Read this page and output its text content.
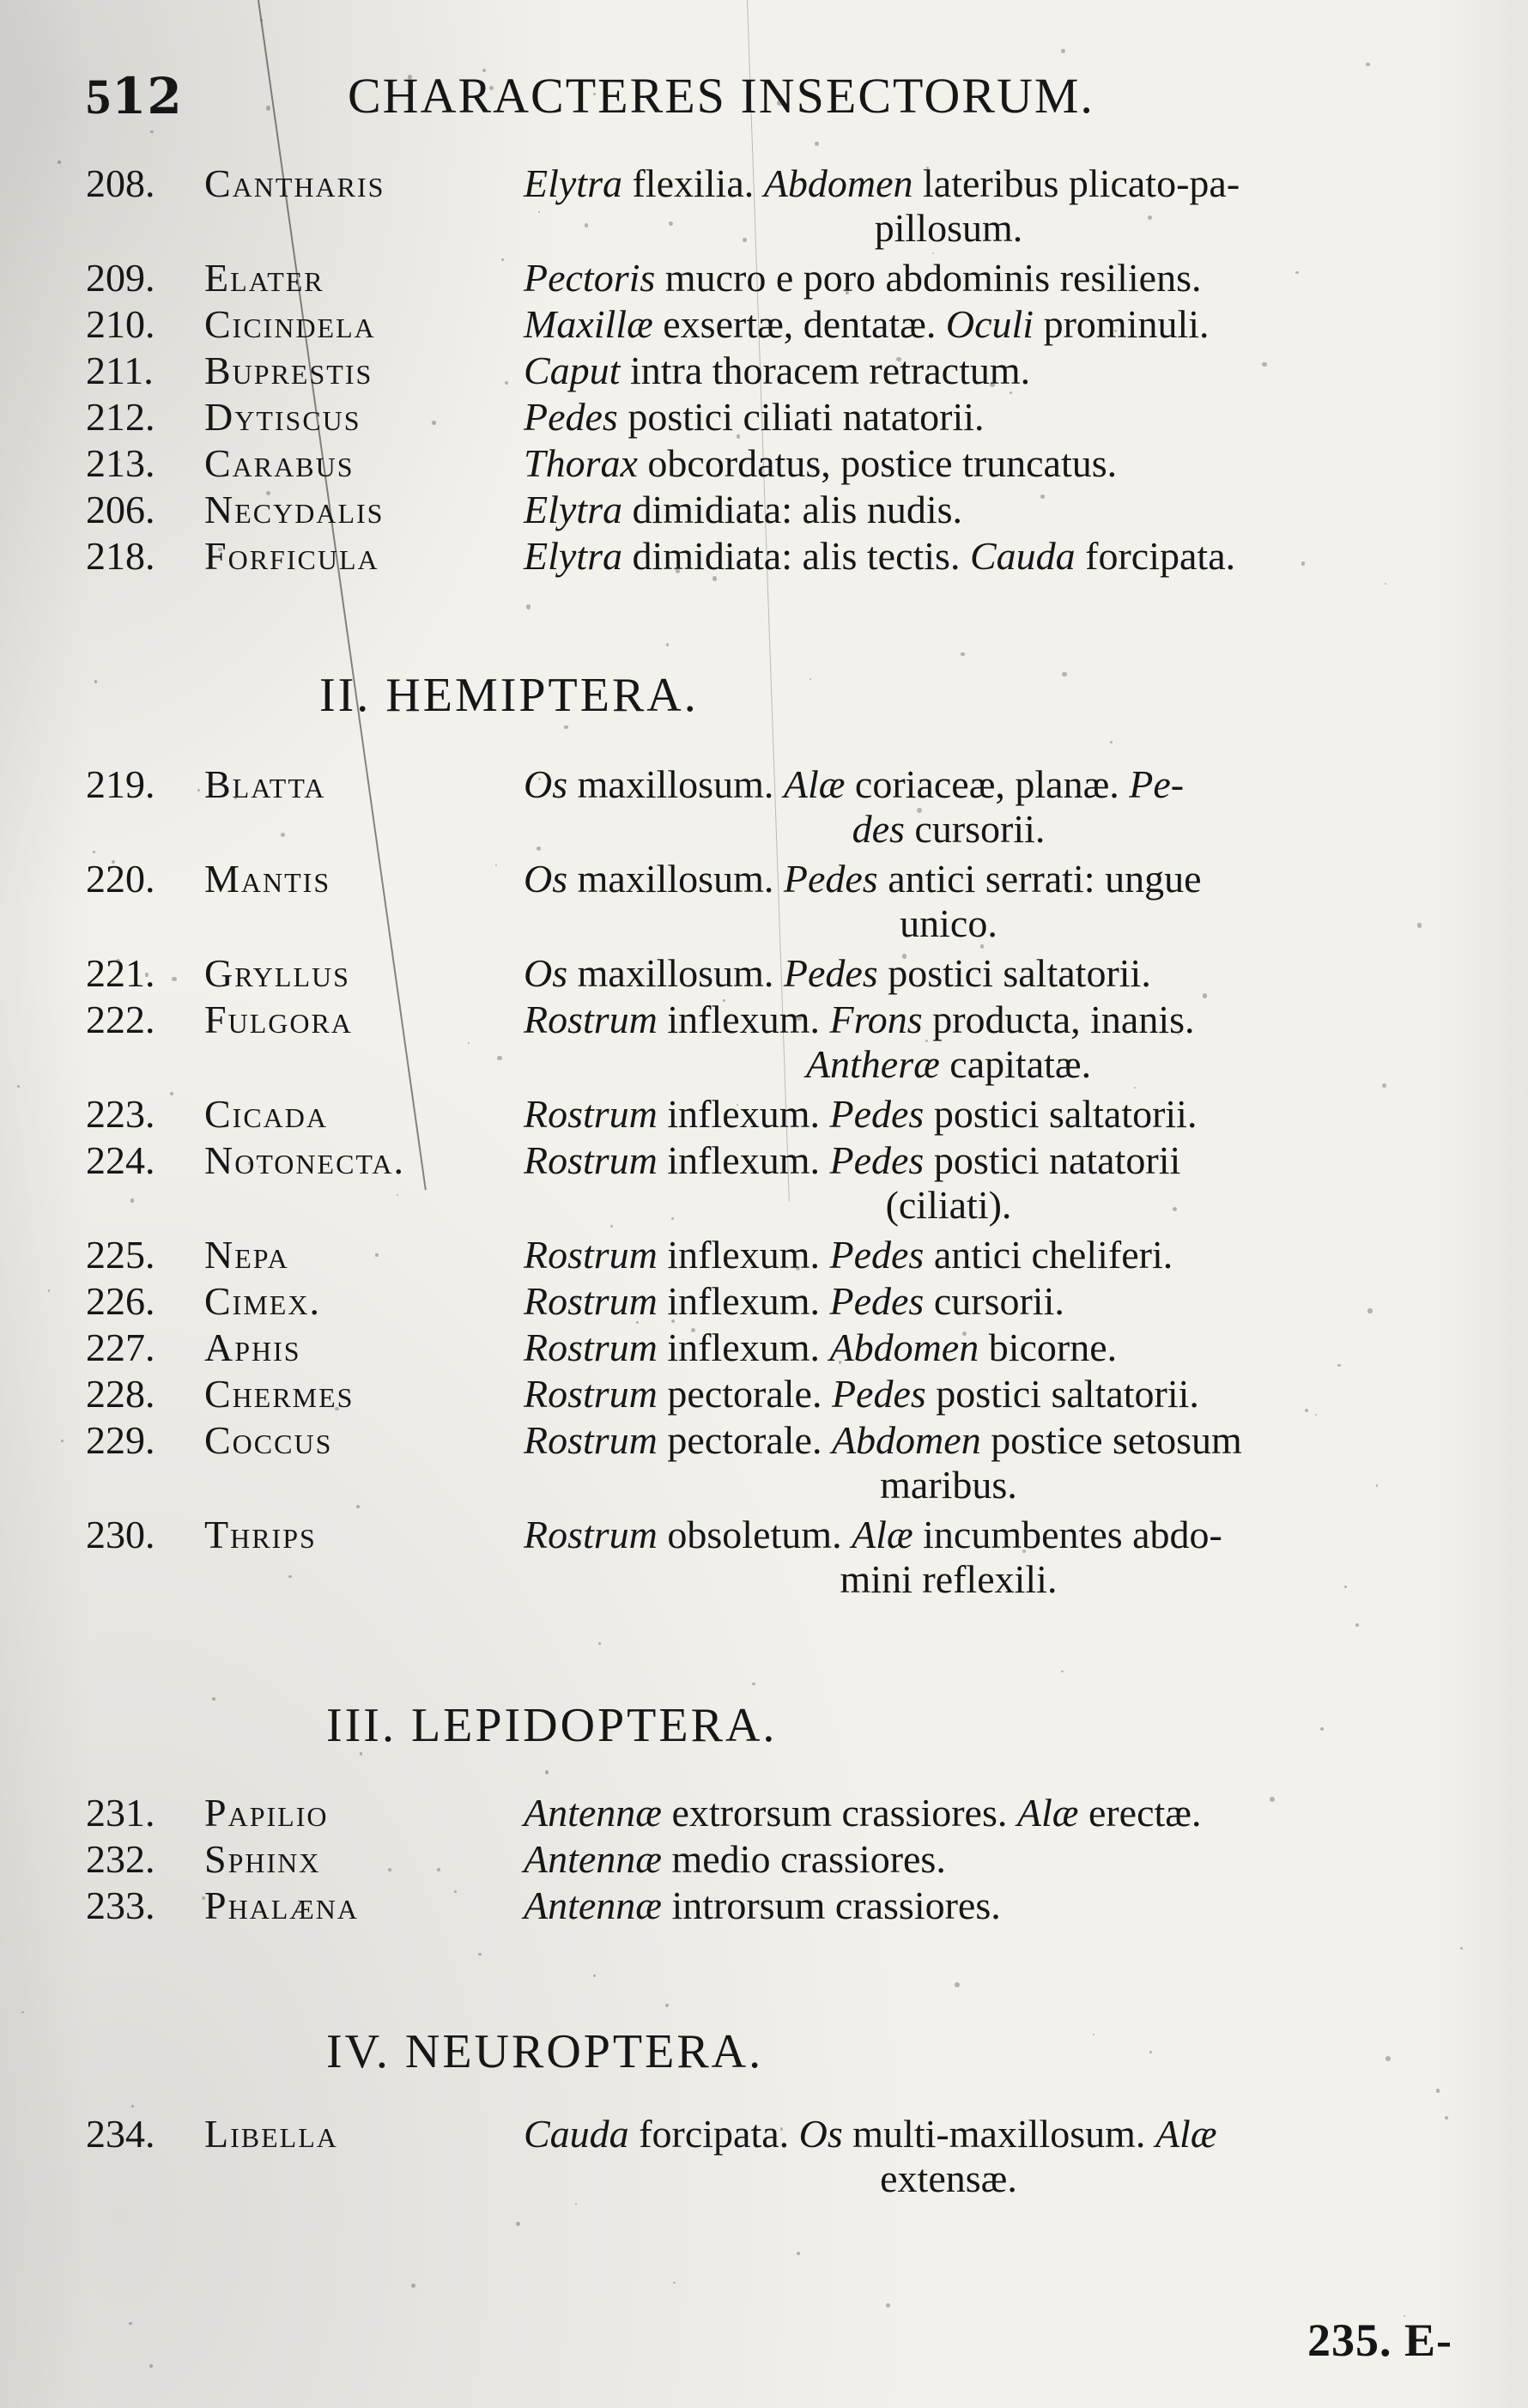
5𝟏𝟐	CHARACTERES INSECTORUM.
208.	Cantharis	Elytra flexilia. Abdomen lateribus plicato-pa-
pillosum.
209.	Elater	Pectoris mucro e poro abdominis resiliens.
210.	Cicindela	Maxillæ exsertæ, dentatæ. Oculi prominuli.
211.	Buprestis	Caput intra thoracem retractum.
212.	Dytiscus	Pedes postici ciliati natatorii.
213.	Carabus	Thorax obcordatus, postice truncatus.
206.	Necydalis	Elytra dimidiata: alis nudis.
218.	Forficula	Elytra dimidiata: alis tectis. Cauda forcipata.
II. HEMIPTERA.
219.	Blatta	Os maxillosum. Alæ coriaceæ, planæ. Pe-
des cursorii.
220.	Mantis	Os maxillosum. Pedes antici serrati: ungue
unico.
221.	Gryllus	Os maxillosum. Pedes postici saltatorii.
222.	Fulgora	Rostrum inflexum. Frons producta, inanis.
Antheræ capitatæ.
223.	Cicada	Rostrum inflexum. Pedes postici saltatorii.
224.	Notonecta.	Rostrum inflexum. Pedes postici natatorii
(ciliati).
225.	Nepa	Rostrum inflexum. Pedes antici cheliferi.
226.	Cimex.	Rostrum inflexum. Pedes cursorii.
227.	Aphis	Rostrum inflexum. Abdomen bicorne.
228.	Chermes	Rostrum pectorale. Pedes postici saltatorii.
229.	Coccus	Rostrum pectorale. Abdomen postice setosum
maribus.
230.	Thrips	Rostrum obsoletum. Alæ incumbentes abdo-
mini reflexili.
III. LEPIDOPTERA.
231.	Papilio	Antennæ extrorsum crassiores. Alæ erectæ.
232.	Sphinx	Antennæ medio crassiores.
233.	Phalæna	Antennæ introrsum crassiores.
IV. NEUROPTERA.
234.	Libella	Cauda forcipata. Os multi-maxillosum. Alæ
extensæ.
235. E-
